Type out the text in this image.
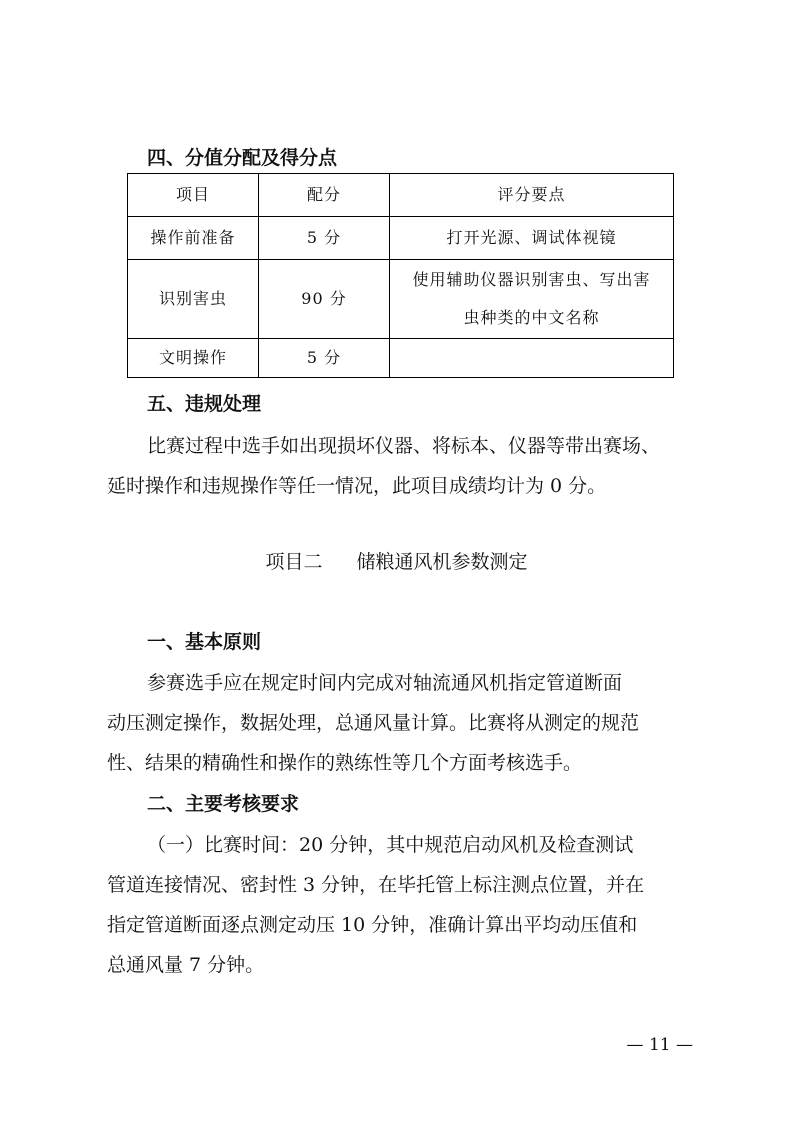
四、分值分配及得分点
项目	配分	评分要点
操作前准备	5 分	打开光源、调试体视镜

识别害虫	90 分	使用辅助仪器识别害虫、写出害
虫种类的中文名称

文明操作	5 分	
五、违规处理
比赛过程中选手如出现损坏仪器、将标本、仪器等带出赛场、
延时操作和违规操作等任一情况，此项目成绩均计为 0 分。
项目二 储粮通风机参数测定
一、基本原则
参赛选手应在规定时间内完成对轴流通风机指定管道断面
动压测定操作，数据处理，总通风量计算。比赛将从测定的规范
性、结果的精确性和操作的熟练性等几个方面考核选手。
二、主要考核要求
（一）比赛时间：20 分钟，其中规范启动风机及检查测试
管道连接情况、密封性 3 分钟，在毕托管上标注测点位置，并在
指定管道断面逐点测定动压 10 分钟，准确计算出平均动压值和
总通风量 7 分钟。
— 11 —
